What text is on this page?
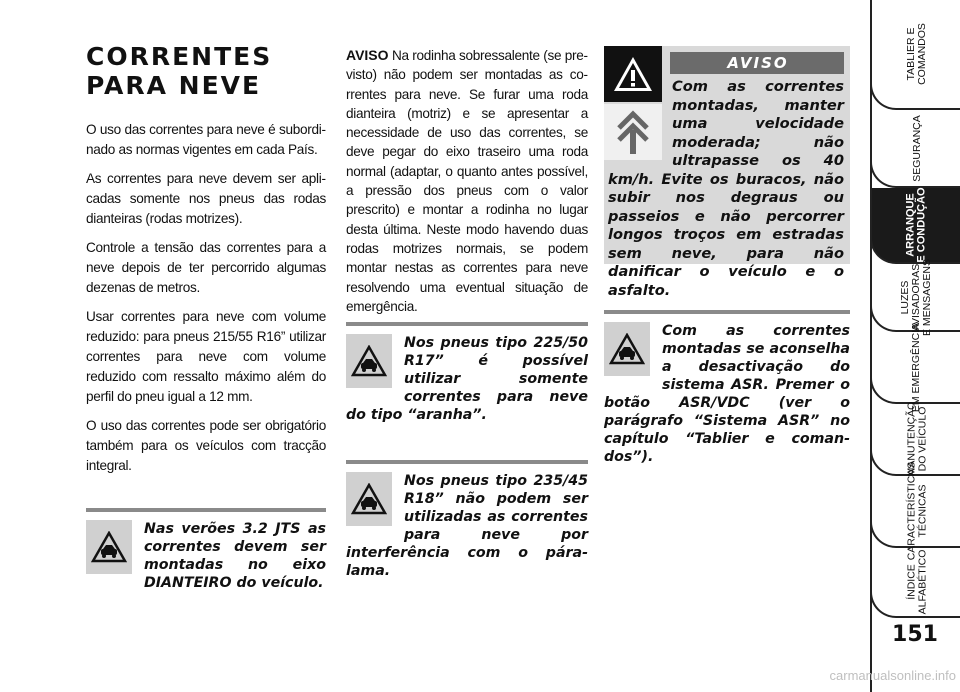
CORRENTES
PARA NEVE

O uso das correntes para neve é subordinado as normas vigentes em cada País.

As correntes para neve devem ser aplicadas somente nos pneus das rodas dianteiras (rodas motrizes).

Controle a tensão das correntes para a neve depois de ter percorrido algumas dezenas de metros.

Usar correntes para neve com volume reduzido: para pneus 215/55 R16” utilizar correntes para neve com volume reduzido com ressalto máximo além do perfil do pneu igual a 12 mm.

O uso das correntes pode ser obrigatório também para os veículos com tracção integral.

Nas verões 3.2 JTS as correntes devem ser montadas no eixo DIANTEIRO do veículo.

AVISO Na rodinha sobressalente (se previsto) não podem ser montadas as correntes para neve. Se furar uma roda dianteira (motriz) e se apresentar a necessidade de uso das correntes, se deve pegar do eixo traseiro uma roda normal (adaptar, o quanto antes possível, a pressão dos pneus com o valor prescrito) e montar a rodinha no lugar desta última. Neste modo havendo duas rodas motrizes normais, se podem montar nestas as correntes para neve resolvendo uma eventual situação de emergência.

Nos pneus tipo 225/50 R17” é possível utilizar somente correntes para neve do tipo “aranha”.
Nos pneus tipo 235/45 R18” não podem ser utilizadas as correntes para neve por interferência com o pára-lama.
AVISO
Com as correntes montadas, manter uma velocidade moderada; não ultrapasse os 40 km/h. Evite os buracos, não subir nos degraus ou passeios e não percorrer longos troços em estradas sem neve, para não danificar o veículo e o asfalto.
Com as correntes montadas se aconselha a desactivação do sistema ASR. Premer o botão ASR/VDC (ver o parágrafo “Sistema ASR” no capítulo “Tablier e comandos”).
TABLIER E
COMANDOS
SEGURANÇA
ARRANQUE
E CONDUÇÃO
LUZES
AVISADORAS
E MENSAGENS
EM EMERGÊNCIA
MANUTENÇÃO
DO VEÍCULO
CARACTERÍSTICAS
TÉCNICAS
ÍNDICE
ALFABÉTICO
151
carmanualsonline.info
